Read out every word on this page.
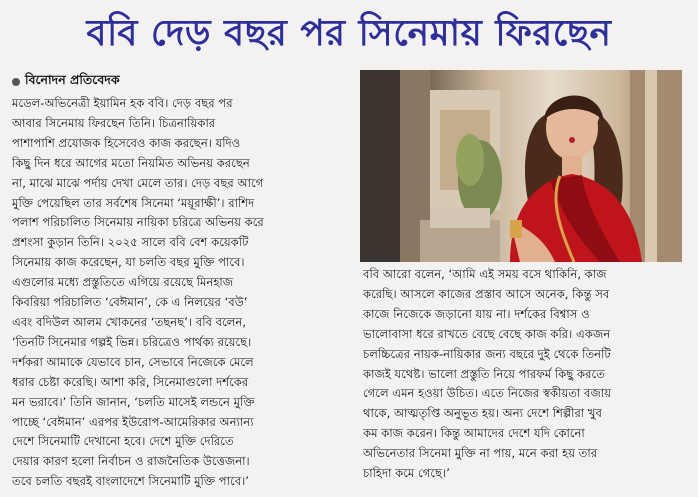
ববি দেড় বছর পর সিনেমায় ফিরছেন
বিনোদন প্রতিবেদক
মডেল-অভিনেত্রী ইয়ামিন হক ববি। দেড় বছর পর
আবার সিনেমায় ফিরছেন তিনি। চিত্রনায়িকার
পাশাপাশি প্রযোজক হিসেবেও কাজ করছেন। যদিও
কিছু দিন ধরে আগের মতো নিয়মিত অভিনয় করছেন
না, মাঝে মাঝে পর্দায় দেখা মেলে তার। দেড় বছর আগে
মুক্তি পেয়েছিল তার সর্বশেষ সিনেমা ‘ময়ূরাক্ষী’। রাশিদ
পলাশ পরিচালিত সিনেমায় নায়িকা চরিত্রে অভিনয় করে
প্রশংসা কুড়ান তিনি। ২০২৫ সালে ববি বেশ কয়েকটি
সিনেমায় কাজ করেছেন, যা চলতি বছর মুক্তি পাবে।
এগুলোর মধ্যে প্রস্তুতিতে এগিয়ে রয়েছে মিনহাজ
কিবরিয়া পরিচালিত ‘বেঈমান’, কে এ নিলয়ের ‘বউ’
এবং বদিউল আলম খোকনের ‘তছনছ’। ববি বলেন,
‘তিনটি সিনেমার গল্পই ভিন্ন। চরিত্রেও পার্থক্য রয়েছে।
দর্শকরা আমাকে যেভাবে চান, সেভাবে নিজেকে মেলে
ধরার চেষ্টা করেছি। আশা করি, সিনেমাগুলো দর্শকের
মন ভরাবে।’ তিনি জানান, ‘চলতি মাসেই লন্ডনে মুক্তি
পাচ্ছে ‘বেঈমান’ এরপর ইউরোপ-আমেরিকার অন্যান্য
দেশে সিনেমাটি দেখানো হবে। দেশে মুক্তি দেরিতে
দেয়ার কারণ হলো নির্বাচন ও রাজনৈতিক উত্তেজনা।
তবে চলতি বছরই বাংলাদেশে সিনেমাটি মুক্তি পাবে।’
ববি আরো বলেন, ‘আমি এই সময় বসে থাকিনি, কাজ
করেছি। আসলে কাজের প্রস্তাব আসে অনেক, কিন্তু সব
কাজে নিজেকে জড়ানো যায় না। দর্শকের বিশ্বাস ও
ভালোবাসা ধরে রাখতে বেছে বেছে কাজ করি। একজন
চলচ্চিত্রের নায়ক-নায়িকার জন্য বছরে দুই থেকে তিনটি
কাজই যথেষ্ট। ভালো প্রস্তুতি নিয়ে পারফর্ম কিছু করতে
গেলে এমন হওয়া উচিত। এতে নিজের স্বকীয়তা বজায়
থাকে, আত্মতৃপ্তি অনুভূত হয়। অন্য দেশে শিল্পীরা খুব
কম কাজ করেন। কিন্তু আমাদের দেশে যদি কোনো
অভিনেতার সিনেমা মুক্তি না পায়, মনে করা হয় তার
চাহিদা কমে গেছে।’
